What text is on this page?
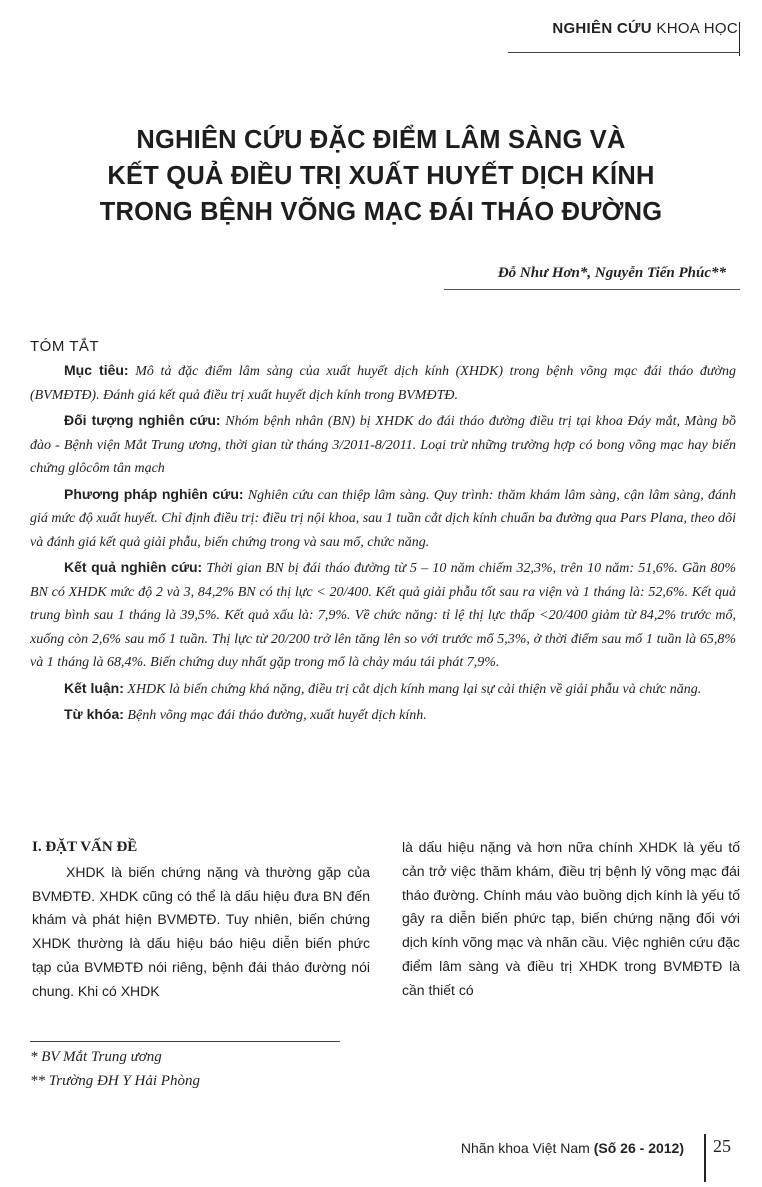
NGHIÊN CỨU KHOA HỌC
NGHIÊN CỨU ĐẶC ĐIỂM LÂM SÀNG VÀ
KẾT QUẢ ĐIỀU TRỊ XUẤT HUYẾT DỊCH KÍNH
TRONG BỆNH VÕNG MẠC ĐÁI THÁO ĐƯỜNG
Đỗ Như Hơn*, Nguyễn Tiến Phúc**
TÓM TẮT

Mục tiêu: Mô tả đặc điểm lâm sàng của xuất huyết dịch kính (XHDK) trong bệnh võng mạc đái tháo đường (BVMĐTĐ). Đánh giá kết quả điều trị xuất huyết dịch kính trong BVMĐTĐ.

Đối tượng nghiên cứu: Nhóm bệnh nhân (BN) bị XHDK do đái tháo đường điều trị tại khoa Đáy mắt, Màng bồ đào - Bệnh viện Mắt Trung ương, thời gian từ tháng 3/2011-8/2011. Loại trừ những trường hợp có bong võng mạc hay biến chứng glôcôm tân mạch

Phương pháp nghiên cứu: Nghiên cứu can thiệp lâm sàng. Quy trình: thăm khám lâm sàng, cận lâm sàng, đánh giá mức độ xuất huyết. Chỉ định điều trị: điều trị nội khoa, sau 1 tuần cắt dịch kính chuẩn ba đường qua Pars Plana, theo dõi và đánh giá kết quả giải phẫu, biến chứng trong và sau mổ, chức năng.

Kết quả nghiên cứu: Thời gian BN bị đái tháo đường từ 5 – 10 năm chiếm 32,3%, trên 10 năm: 51,6%. Gần 80% BN có XHDK mức độ 2 và 3, 84,2% BN có thị lực < 20/400. Kết quả giải phẫu tốt sau ra viện và 1 tháng là: 52,6%. Kết quả trung bình sau 1 tháng là 39,5%. Kết quả xấu là: 7,9%. Về chức năng: tỉ lệ thị lực thấp <20/400 giảm từ 84,2% trước mổ, xuống còn 2,6% sau mổ 1 tuần. Thị lực từ 20/200 trở lên tăng lên so với trước mổ 5,3%, ở thời điểm sau mổ 1 tuần là 65,8% và 1 tháng là 68,4%. Biến chứng duy nhất gặp trong mổ là chảy máu tái phát 7,9%.

Kết luận: XHDK là biến chứng khá nặng, điều trị cắt dịch kính mang lại sự cải thiện về giải phẫu và chức năng.

Từ khóa: Bệnh võng mạc đái tháo đường, xuất huyết dịch kính.

I. ĐẶT VẤN ĐỀ
XHDK là biến chứng nặng và thường gặp của BVMĐTĐ. XHDK cũng có thể là dấu hiệu đưa BN đến khám và phát hiện BVMĐTĐ. Tuy nhiên, biến chứng XHDK thường là dấu hiệu báo hiệu diễn biến phức tạp của BVMĐTĐ nói riêng, bệnh đái tháo đường nói chung. Khi có XHDK
là dấu hiệu nặng và hơn nữa chính XHDK là yếu tố cản trở việc thăm khám, điều trị bệnh lý võng mạc đái tháo đường. Chính máu vào buồng dịch kính là yếu tố gây ra diễn biến phức tạp, biến chứng nặng đối với dịch kính võng mạc và nhãn cầu. Việc nghiên cứu đặc điểm lâm sàng và điều trị XHDK trong BVMĐTĐ là cần thiết có
* BV Mắt Trung ương
** Trường ĐH Y Hải Phòng
Nhãn khoa Việt Nam (Số 26 - 2012) 25
